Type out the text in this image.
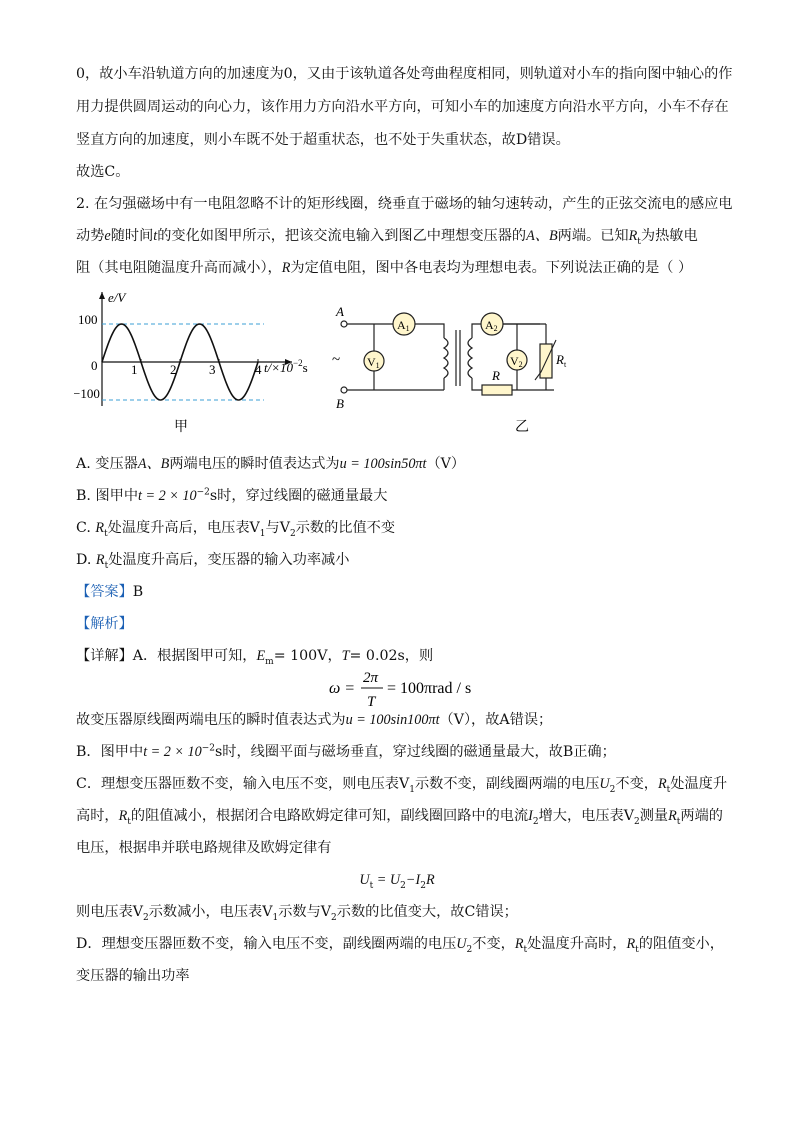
0，故小车沿轨道方向的加速度为0，又由于该轨道各处弯曲程度相同，则轨道对小车的指向图中轴心的作
用力提供圆周运动的向心力，该作用力方向沿水平方向，可知小车的加速度方向沿水平方向，小车不存在
竖直方向的加速度，则小车既不处于超重状态，也不处于失重状态，故D错误。
故选C。
2. 在匀强磁场中有一电阻忽略不计的矩形线圈，绕垂直于磁场的轴匀速转动，产生的正弦交流电的感应电
动势e随时间t的变化如图甲所示，把该交流电输入到图乙中理想变压器的A、B两端。已知$R_t$为热敏电
阻（其电阻随温度升高而减小），R为定值电阻，图中各电表均为理想电表。下列说法正确的是（ ）
100
−100
0	1	2	3	4
e/V
$t/\times 10^{-2}s$
甲
A
B
~
A1
V1
A2
V2	$R_t$
R
乙
A. 变压器A、B两端电压的瞬时值表达式为u = 100sin50πt（V）
B. 图甲中$t = 2 \times 10^{-2}s$时，穿过线圈的磁通量最大
C. $R_t$处温度升高后，电压表$V_1$与$V_2$示数的比值不变
D. $R_t$处温度升高后，变压器的输入功率减小
【答案】B
【解析】
【详解】A．根据图甲可知，$E_m= 100V$，T= 0.02s，则
ω =
2π
T
= 100πrad / s
故变压器原线圈两端电压的瞬时值表达式为u = 100sin100πt（V），故A错误；
B．图甲中$t = 2 \times 10^{-2}s$时，线圈平面与磁场垂直，穿过线圈的磁通量最大，故B正确；
C．理想变压器匝数不变，输入电压不变，则电压表$V_1$示数不变，副线圈两端的电压$U_2$不变，$R_t$处温度升
高时，$R_t$的阻值减小，根据闭合电路欧姆定律可知，副线圈回路中的电流$I_2$增大，电压表$V_2$测量$R_t$两端的
电压，根据串并联电路规律及欧姆定律有
$U_t = U_2-I_2R$
则电压表$V_2$示数减小，电压表$V_1$示数与$V_2$示数的比值变大，故C错误；
D．理想变压器匝数不变，输入电压不变，副线圈两端的电压$U_2$不变，$R_t$处温度升高时，$R_t$的阻值变小，
变压器的输出功率
